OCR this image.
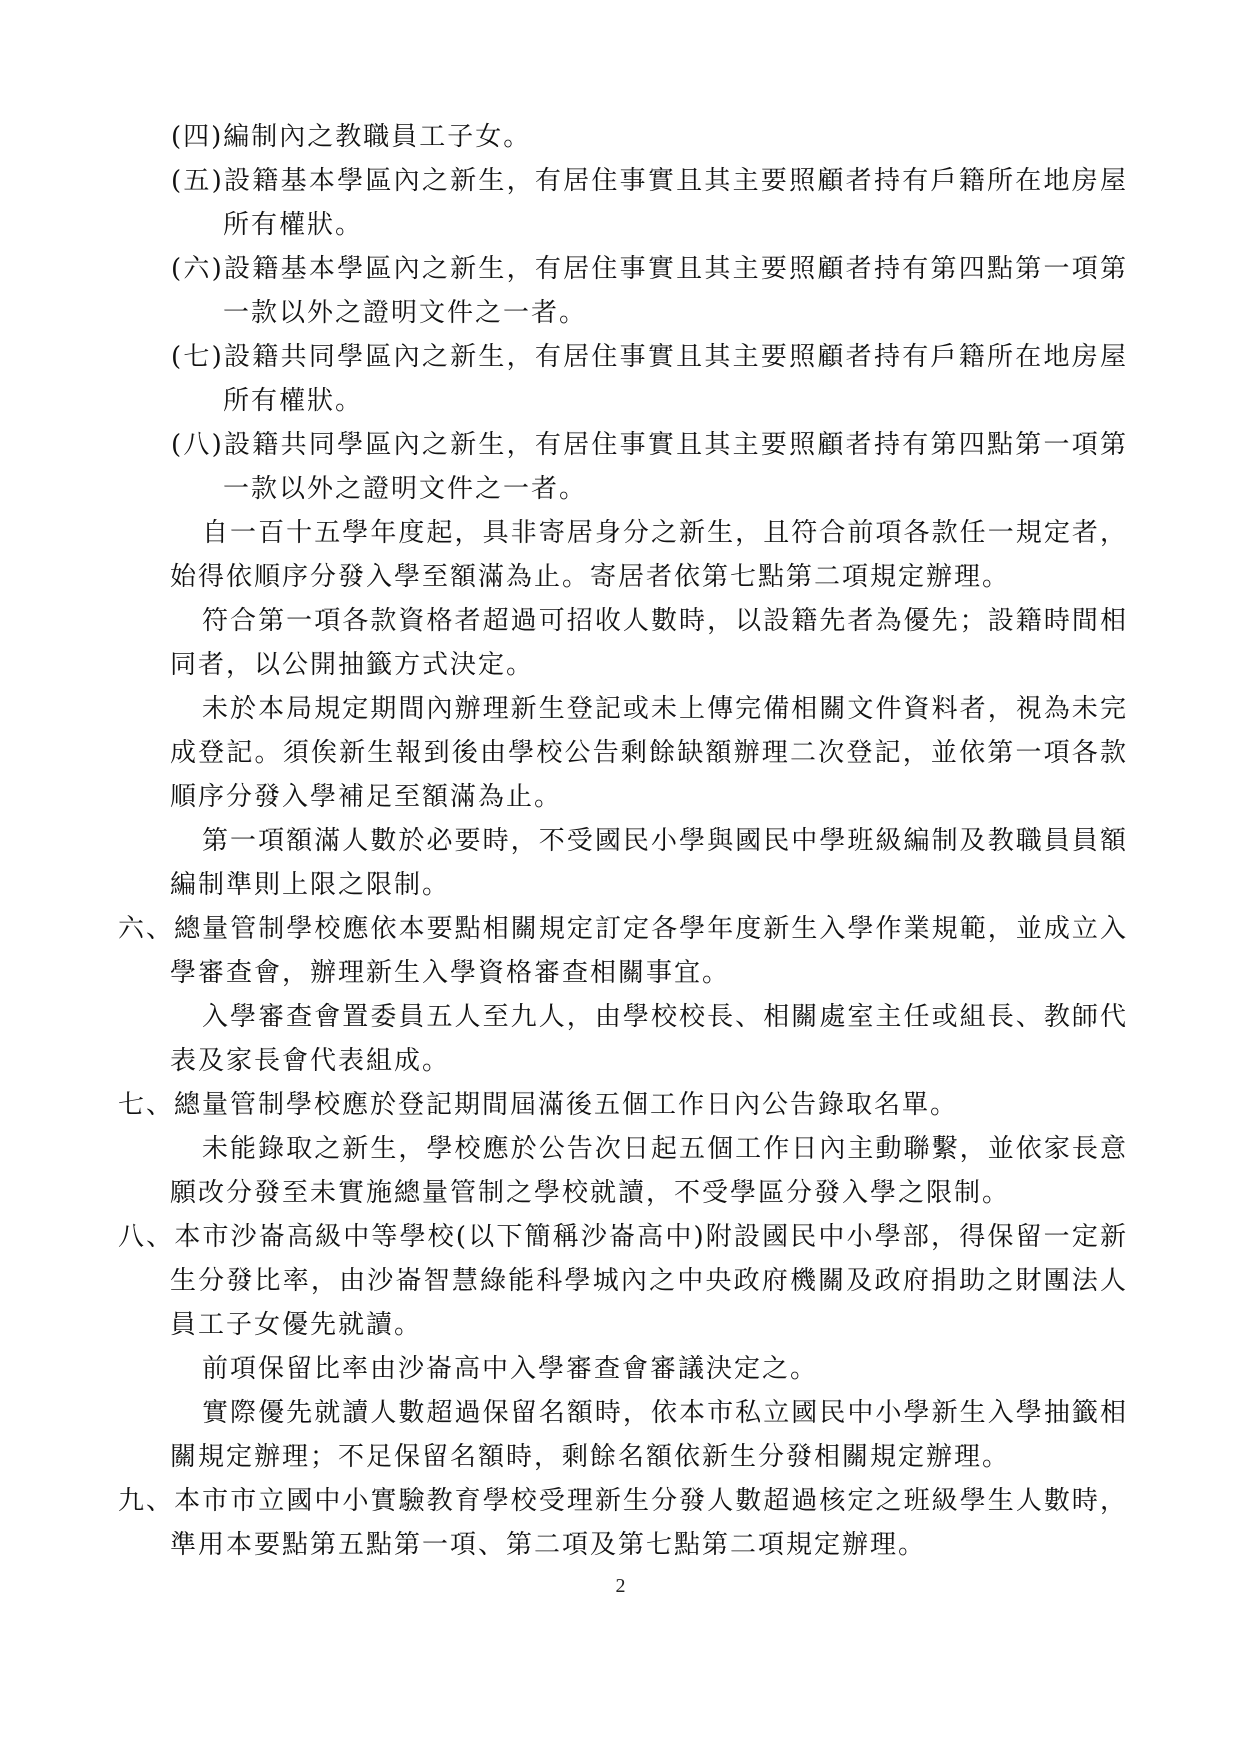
(四)編制內之教職員工子女。

(五)設籍基本學區內之新生，有居住事實且其主要照顧者持有戶籍所在地房屋所有權狀。

(六)設籍基本學區內之新生，有居住事實且其主要照顧者持有第四點第一項第一款以外之證明文件之一者。

(七)設籍共同學區內之新生，有居住事實且其主要照顧者持有戶籍所在地房屋所有權狀。

(八)設籍共同學區內之新生，有居住事實且其主要照顧者持有第四點第一項第一款以外之證明文件之一者。

自一百十五學年度起，具非寄居身分之新生，且符合前項各款任一規定者，始得依順序分發入學至額滿為止。寄居者依第七點第二項規定辦理。

符合第一項各款資格者超過可招收人數時，以設籍先者為優先；設籍時間相同者，以公開抽籤方式決定。

未於本局規定期間內辦理新生登記或未上傳完備相關文件資料者，視為未完成登記。須俟新生報到後由學校公告剩餘缺額辦理二次登記，並依第一項各款順序分發入學補足至額滿為止。

第一項額滿人數於必要時，不受國民小學與國民中學班級編制及教職員員額編制準則上限之限制。

六、總量管制學校應依本要點相關規定訂定各學年度新生入學作業規範，並成立入學審查會，辦理新生入學資格審查相關事宜。

入學審查會置委員五人至九人，由學校校長、相關處室主任或組長、教師代表及家長會代表組成。

七、總量管制學校應於登記期間屆滿後五個工作日內公告錄取名單。

未能錄取之新生，學校應於公告次日起五個工作日內主動聯繫，並依家長意願改分發至未實施總量管制之學校就讀，不受學區分發入學之限制。

八、本市沙崙高級中等學校(以下簡稱沙崙高中)附設國民中小學部，得保留一定新生分發比率，由沙崙智慧綠能科學城內之中央政府機關及政府捐助之財團法人員工子女優先就讀。

前項保留比率由沙崙高中入學審查會審議決定之。

實際優先就讀人數超過保留名額時，依本市私立國民中小學新生入學抽籤相關規定辦理；不足保留名額時，剩餘名額依新生分發相關規定辦理。

九、本市市立國中小實驗教育學校受理新生分發人數超過核定之班級學生人數時，準用本要點第五點第一項、第二項及第七點第二項規定辦理。

2
